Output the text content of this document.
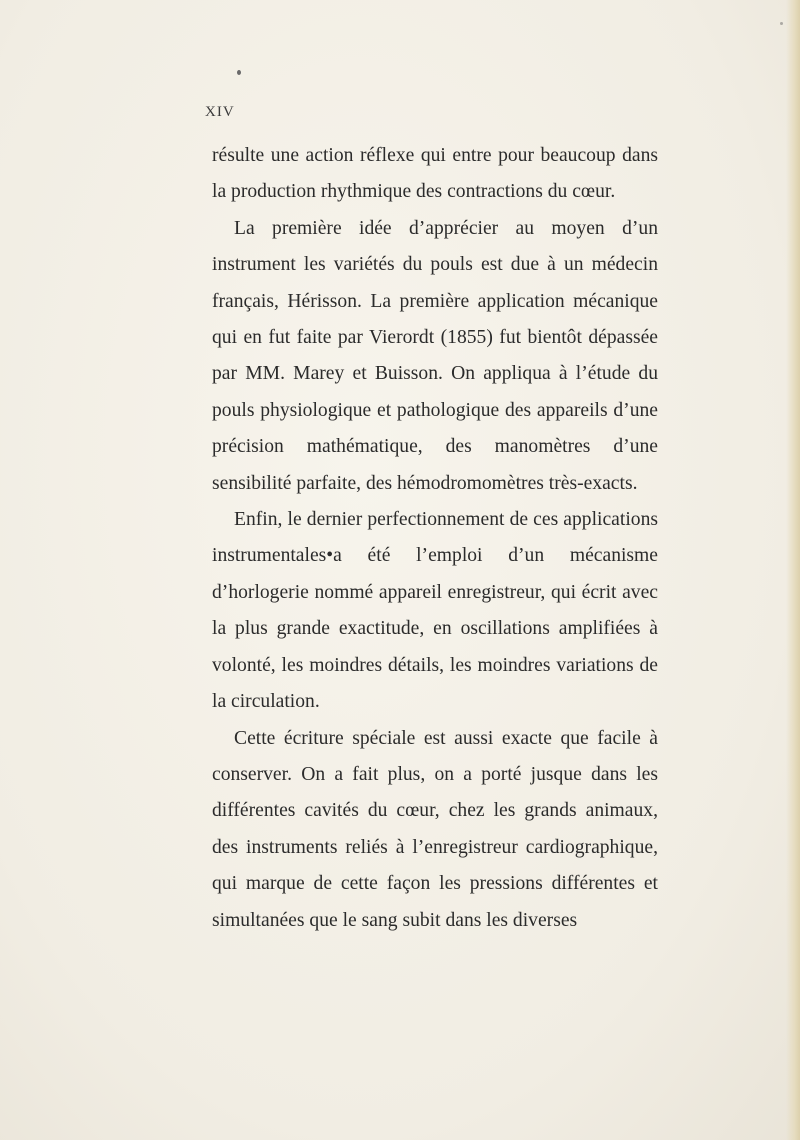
XIV

résulte une action réflexe qui entre pour beaucoup dans la production rhythmique des contractions du cœur.

La première idée d’apprécier au moyen d’un instrument les variétés du pouls est due à un médecin français, Hérisson. La première application mécanique qui en fut faite par Vierordt (1855) fut bientôt dépassée par MM. Marey et Buisson. On appliqua à l’étude du pouls physiologique et pathologique des appareils d’une précision mathématique, des manomètres d’une sensibilité parfaite, des hémodromomètres très-exacts.

Enfin, le dernier perfectionnement de ces applications instrumentales•a été l’emploi d’un mécanisme d’horlogerie nommé appareil enregistreur, qui écrit avec la plus grande exactitude, en oscillations amplifiées à volonté, les moindres détails, les moindres variations de la circulation.

Cette écriture spéciale est aussi exacte que facile à conserver. On a fait plus, on a porté jusque dans les différentes cavités du cœur, chez les grands animaux, des instruments reliés à l’enregistreur cardiographique, qui marque de cette façon les pressions différentes et simultanées que le sang subit dans les diverses
